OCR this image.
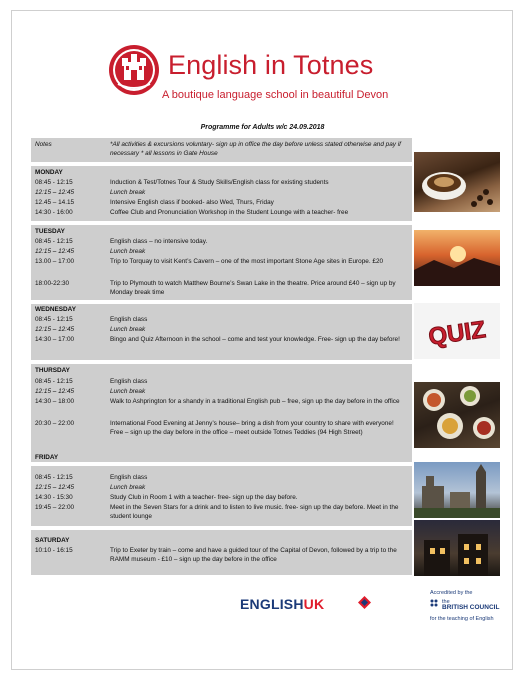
English in Totnes
A boutique language school in beautiful Devon
Programme for Adults w/c 24.09.2018
Notes	*All activities & excursions voluntary- sign up in office the day before unless stated otherwise and pay if necessary * all lessons in Gate House
MONDAY
08:45 - 12:15	Induction & Test/Totnes Tour & Study Skills/English class for existing students
12:15 – 12:45	Lunch break
12.45 – 14.15	Intensive English class if booked- also Wed, Thurs, Friday
14:30 - 16:00	Coffee Club and Pronunciation Workshop in the Student Lounge with a teacher- free
TUESDAY
08:45 - 12:15	English class – no intensive today.
12:15 – 12:45	Lunch break
13.00 – 17:00	Trip to Torquay to visit Kent’s Cavern – one of the most important Stone Age sites in Europe. £20
18:00-22:30	Trip to Plymouth to watch Matthew Bourne’s Swan Lake in the theatre. Price around £40 – sign up by Monday break time
WEDNESDAY
08:45 - 12:15	English class
12:15 – 12:45	Lunch break
14:30 – 17:00	Bingo and Quiz Afternoon in the school – come and test your knowledge. Free- sign up the day before!
THURSDAY
08:45 - 12:15	English class
12:15 – 12:45	Lunch break
14:30 – 18:00	Walk to Ashprington for a shandy in a traditional English pub – free, sign up the day before in the office
20:30 – 22:00	International Food Evening at Jenny’s house– bring a dish from your country to share with everyone! Free – sign up the day before in the office – meet outside Totnes Teddies (94 High Street)
FRIDAY
08:45 - 12:15	English class
12:15 – 12:45	Lunch break
14:30 - 15:30	Study Club in Room 1 with a teacher- free- sign up the day before.
19:45 – 22:00	Meet in the Seven Stars for a drink and to listen to live music. free- sign up the day before. Meet in the student lounge
SATURDAY
10:10 - 16:15	Trip to Exeter by train – come and have a guided tour of the Capital of Devon, followed by a trip to the RAMM museum - £10 – sign up the day before in the office
QUIZ
ENGLISHUK
Accredited by the
the
BRITISH COUNCIL
for the teaching of English
